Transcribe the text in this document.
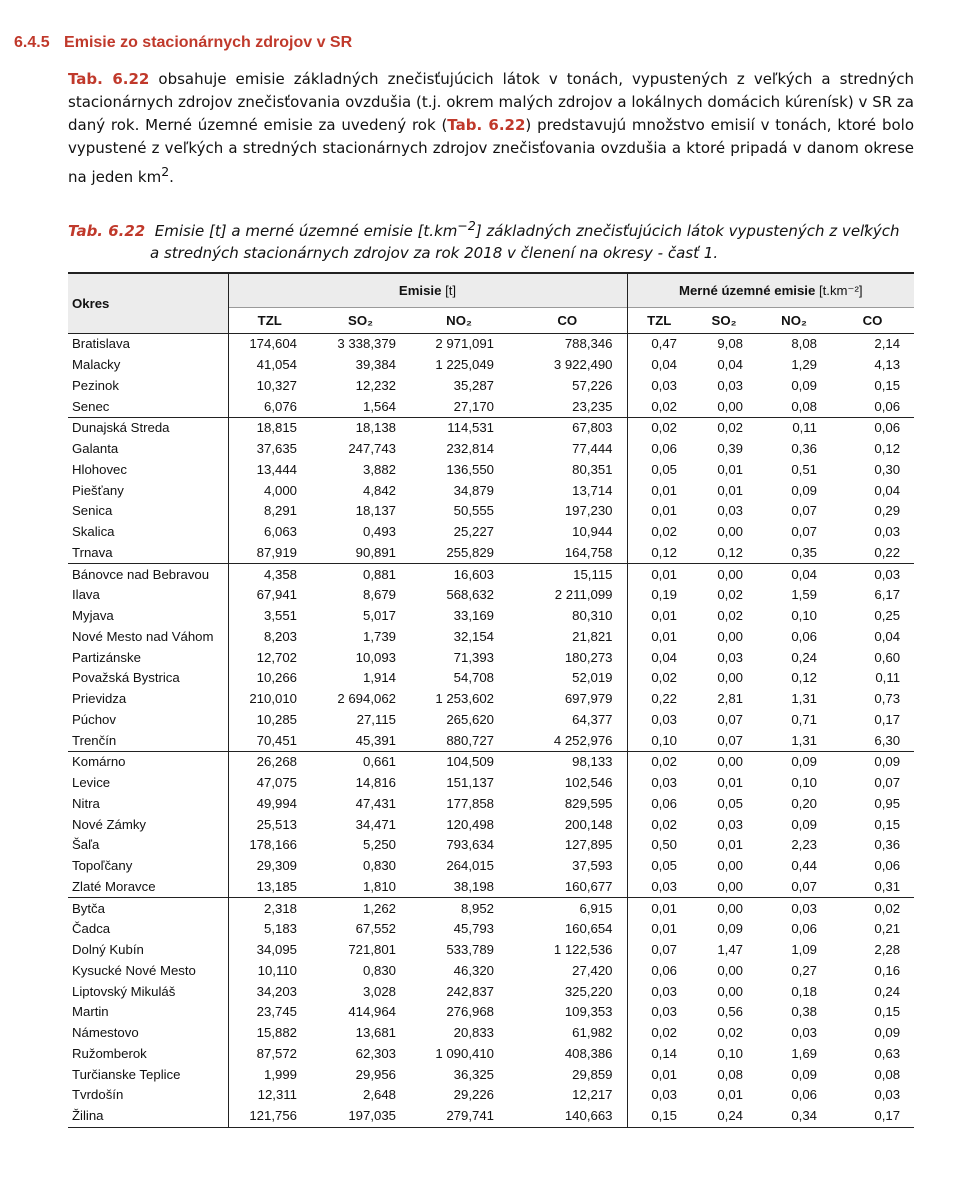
6.4.5 Emisie zo stacionárnych zdrojov v SR

Tab. 6.22 obsahuje emisie základných znečisťujúcich látok v tonách, vypustených z veľkých a stredných stacionárnych zdrojov znečisťovania ovzdušia (t.j. okrem malých zdrojov a lokálnych domácich kúrenísk) v SR za daný rok. Merné územné emisie za uvedený rok (Tab. 6.22) predstavujú množstvo emisií v tonách, ktoré bolo vypustené z veľkých a stredných stacionárnych zdrojov znečisťovania ovzdušia a ktoré pripadá v danom okrese na jeden $km^2$.

Tab. 6.22 Emisie [t] a merné územné emisie $[t.km^{-2}]$ základných znečisťujúcich látok vypustených z veľkých
a stredných stacionárnych zdrojov za rok 2018 v členení na okresy - časť 1.
Okres	Emisie [t]				Merné územné emisie [t.km⁻²]			
	TZL	SO₂	NO₂	CO	TZL	SO₂	NO₂	CO
Bratislava	174,604	3 338,379	2 971,091	788,346	0,47	9,08	8,08	2,14
Malacky	41,054	39,384	1 225,049	3 922,490	0,04	0,04	1,29	4,13
Pezinok	10,327	12,232	35,287	57,226	0,03	0,03	0,09	0,15
Senec	6,076	1,564	27,170	23,235	0,02	0,00	0,08	0,06
Dunajská Streda	18,815	18,138	114,531	67,803	0,02	0,02	0,11	0,06
Galanta	37,635	247,743	232,814	77,444	0,06	0,39	0,36	0,12
Hlohovec	13,444	3,882	136,550	80,351	0,05	0,01	0,51	0,30
Piešťany	4,000	4,842	34,879	13,714	0,01	0,01	0,09	0,04
Senica	8,291	18,137	50,555	197,230	0,01	0,03	0,07	0,29
Skalica	6,063	0,493	25,227	10,944	0,02	0,00	0,07	0,03
Trnava	87,919	90,891	255,829	164,758	0,12	0,12	0,35	0,22
Bánovce nad Bebravou	4,358	0,881	16,603	15,115	0,01	0,00	0,04	0,03
Ilava	67,941	8,679	568,632	2 211,099	0,19	0,02	1,59	6,17
Myjava	3,551	5,017	33,169	80,310	0,01	0,02	0,10	0,25
Nové Mesto nad Váhom	8,203	1,739	32,154	21,821	0,01	0,00	0,06	0,04
Partizánske	12,702	10,093	71,393	180,273	0,04	0,03	0,24	0,60
Považská Bystrica	10,266	1,914	54,708	52,019	0,02	0,00	0,12	0,11
Prievidza	210,010	2 694,062	1 253,602	697,979	0,22	2,81	1,31	0,73
Púchov	10,285	27,115	265,620	64,377	0,03	0,07	0,71	0,17
Trenčín	70,451	45,391	880,727	4 252,976	0,10	0,07	1,31	6,30
Komárno	26,268	0,661	104,509	98,133	0,02	0,00	0,09	0,09
Levice	47,075	14,816	151,137	102,546	0,03	0,01	0,10	0,07
Nitra	49,994	47,431	177,858	829,595	0,06	0,05	0,20	0,95
Nové Zámky	25,513	34,471	120,498	200,148	0,02	0,03	0,09	0,15
Šaľa	178,166	5,250	793,634	127,895	0,50	0,01	2,23	0,36
Topoľčany	29,309	0,830	264,015	37,593	0,05	0,00	0,44	0,06
Zlaté Moravce	13,185	1,810	38,198	160,677	0,03	0,00	0,07	0,31
Bytča	2,318	1,262	8,952	6,915	0,01	0,00	0,03	0,02
Čadca	5,183	67,552	45,793	160,654	0,01	0,09	0,06	0,21
Dolný Kubín	34,095	721,801	533,789	1 122,536	0,07	1,47	1,09	2,28
Kysucké Nové Mesto	10,110	0,830	46,320	27,420	0,06	0,00	0,27	0,16
Liptovský Mikuláš	34,203	3,028	242,837	325,220	0,03	0,00	0,18	0,24
Martin	23,745	414,964	276,968	109,353	0,03	0,56	0,38	0,15
Námestovo	15,882	13,681	20,833	61,982	0,02	0,02	0,03	0,09
Ružomberok	87,572	62,303	1 090,410	408,386	0,14	0,10	1,69	0,63
Turčianske Teplice	1,999	29,956	36,325	29,859	0,01	0,08	0,09	0,08
Tvrdošín	12,311	2,648	29,226	12,217	0,03	0,01	0,06	0,03
Žilina	121,756	197,035	279,741	140,663	0,15	0,24	0,34	0,17
